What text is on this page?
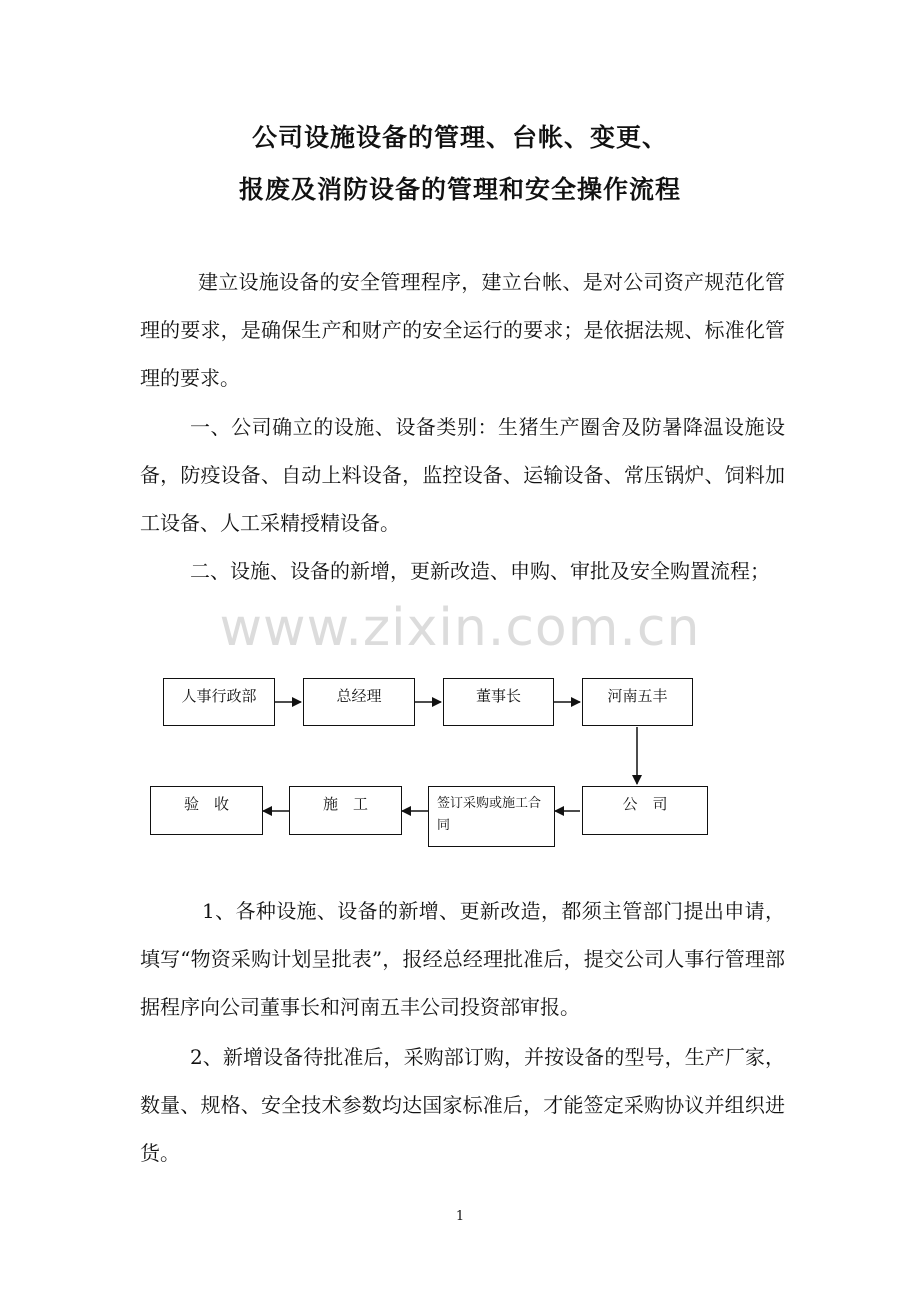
公司设施设备的管理、台帐、变更、
报废及消防设备的管理和安全操作流程

建立设施设备的安全管理程序，建立台帐、是对公司资产规范化管理的要求，是确保生产和财产的安全运行的要求；是依据法规、标准化管理的要求。

一、公司确立的设施、设备类别：生猪生产圈舍及防暑降温设施设备，防疫设备、自动上料设备，监控设备、运输设备、常压锅炉、饲料加工设备、人工采精授精设备。

二、设施、设备的新增，更新改造、申购、审批及安全购置流程；

www.zixin.com.cn
人事行政部	总经理	董事长	河南五丰
验　收	施　工	签订采购或施工合同
公　司

1、各种设施、设备的新增、更新改造，都须主管部门提出申请，填写“物资采购计划呈批表”，报经总经理批准后，提交公司人事行管理部据程序向公司董事长和河南五丰公司投资部审报。

2、新增设备待批准后，采购部订购，并按设备的型号，生产厂家，数量、规格、安全技术参数均达国家标准后，才能签定采购协议并组织进货。

1
